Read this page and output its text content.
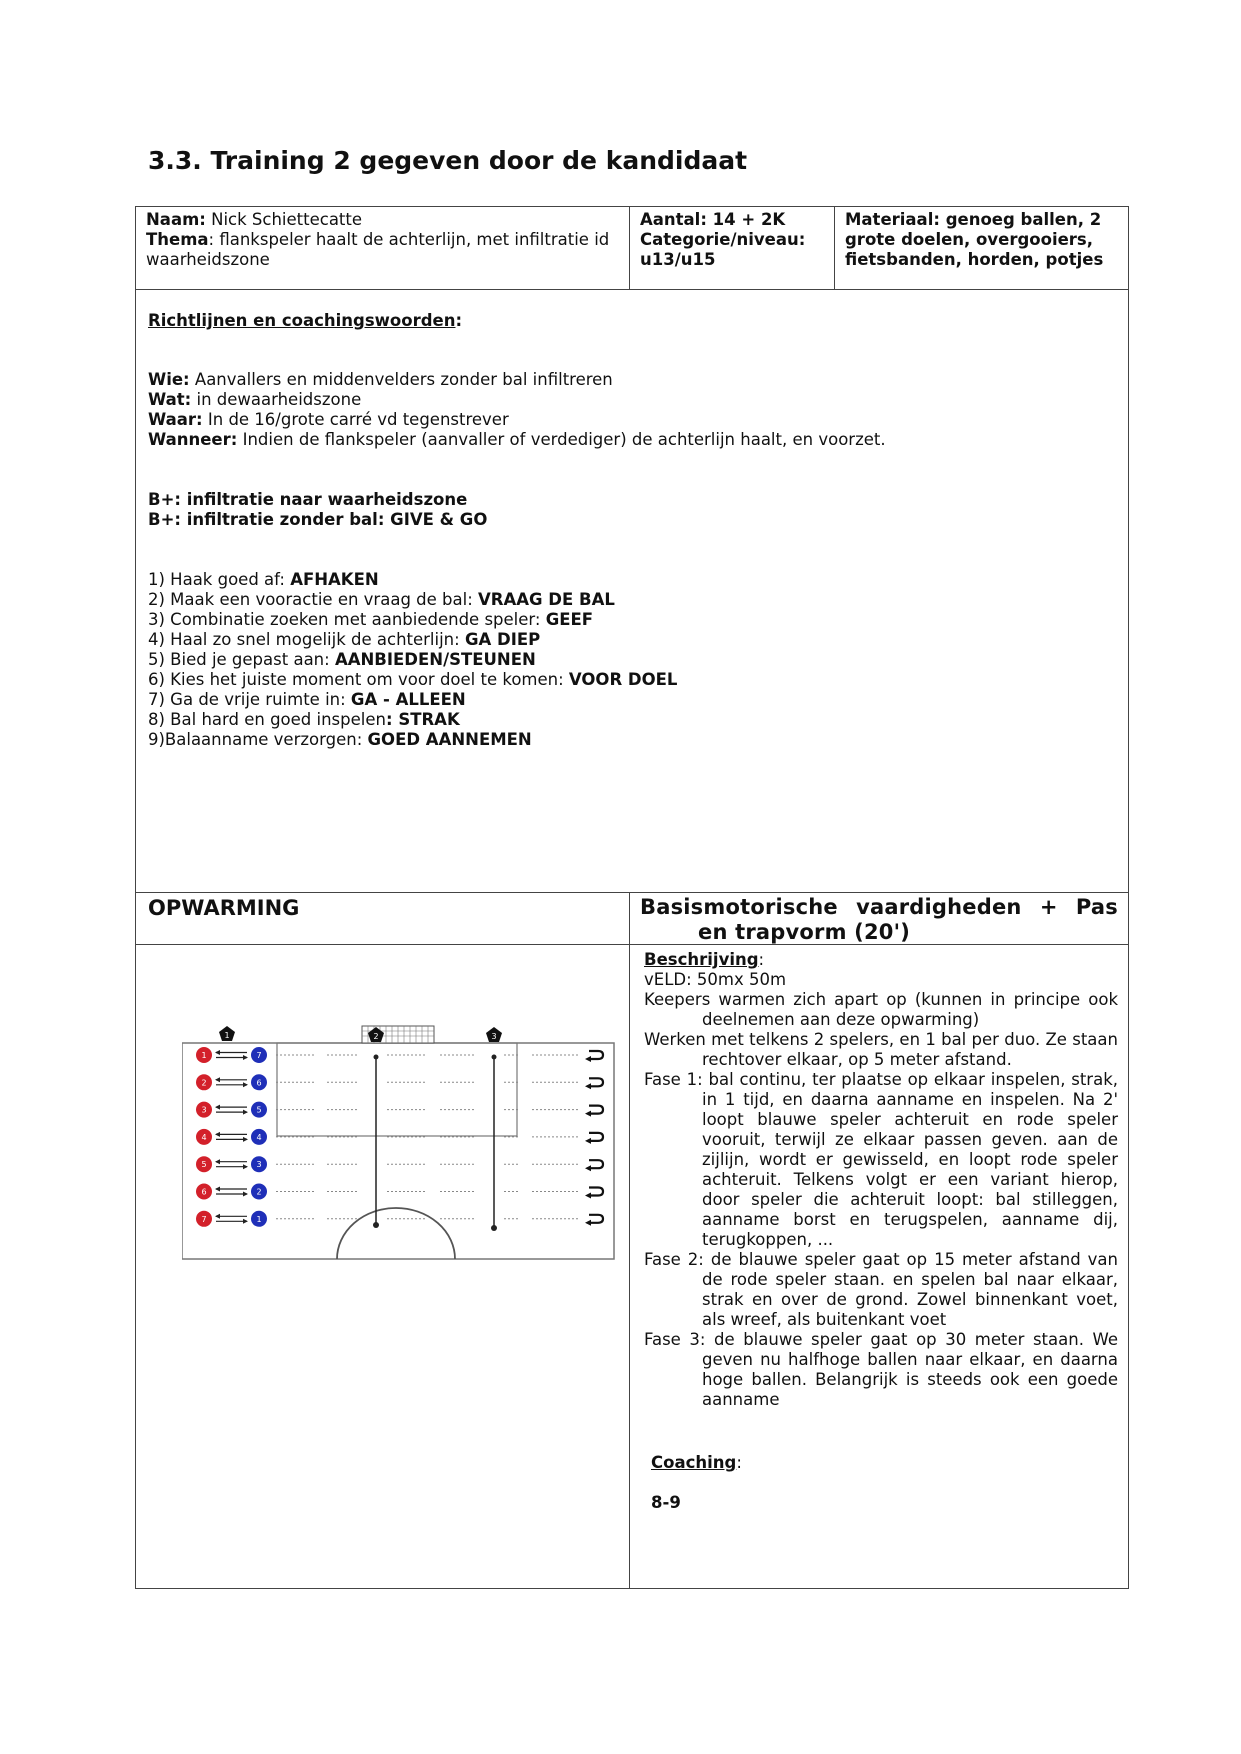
3.3. Training 2 gegeven door de kandidaat
Naam: Nick Schiettecatte
Thema: flankspeler haalt de achterlijn, met infiltratie id waarheidszone
Aantal: 14 + 2K
Categorie/niveau: u13/u15
Materiaal: genoeg ballen, 2 grote doelen, overgooiers, fietsbanden, horden, potjes
Richtlijnen en coachingswoorden:
Wie: Aanvallers en middenvelders zonder bal infiltreren
Wat: in dewaarheidszone
Waar: In de 16/grote carré vd tegenstrever
Wanneer: Indien de flankspeler (aanvaller of verdediger) de achterlijn haalt, en voorzet.
B+: infiltratie naar waarheidszone
B+: infiltratie zonder bal: GIVE & GO
1) Haak goed af: AFHAKEN
2) Maak een vooractie en vraag de bal: VRAAG DE BAL
3) Combinatie zoeken met aanbiedende speler: GEEF
4) Haal zo snel mogelijk de achterlijn: GA DIEP
5) Bied je gepast aan: AANBIEDEN/STEUNEN
6) Kies het juiste moment om voor doel te komen: VOOR DOEL
7) Ga de vrije ruimte in: GA - ALLEEN
8) Bal hard en goed inspelen: STRAK
9)Balaanname verzorgen: GOED AANNEMEN
OPWARMING	Basismotorische vaardigheden + Pas en trapvorm (20')
1	2	3
1	7
2	6
3	5
4	4
5	3
6	2
7	1
Beschrijving:
vELD: 50mx 50m

Keepers warmen zich apart op (kunnen in principe ook deelnemen aan deze opwarming)

Werken met telkens 2 spelers, en 1 bal per duo. Ze staan rechtover elkaar, op 5 meter afstand.

Fase 1: bal continu, ter plaatse op elkaar inspelen, strak, in 1 tijd, en daarna aanname en inspelen. Na 2' loopt blauwe speler achteruit en rode speler vooruit, terwijl ze elkaar passen geven. aan de zijlijn, wordt er gewisseld, en loopt rode speler achteruit. Telkens volgt er een variant hierop, door speler die achteruit loopt: bal stilleggen, aanname borst en terugspelen, aanname dij, terugkoppen, ...

Fase 2: de blauwe speler gaat op 15 meter afstand van de rode speler staan. en spelen bal naar elkaar, strak en over de grond. Zowel binnenkant voet, als wreef, als buitenkant voet

Fase 3: de blauwe speler gaat op 30 meter staan. We geven nu halfhoge ballen naar elkaar, en daarna hoge ballen. Belangrijk is steeds ook een goede aanname

Coaching:
8-9
